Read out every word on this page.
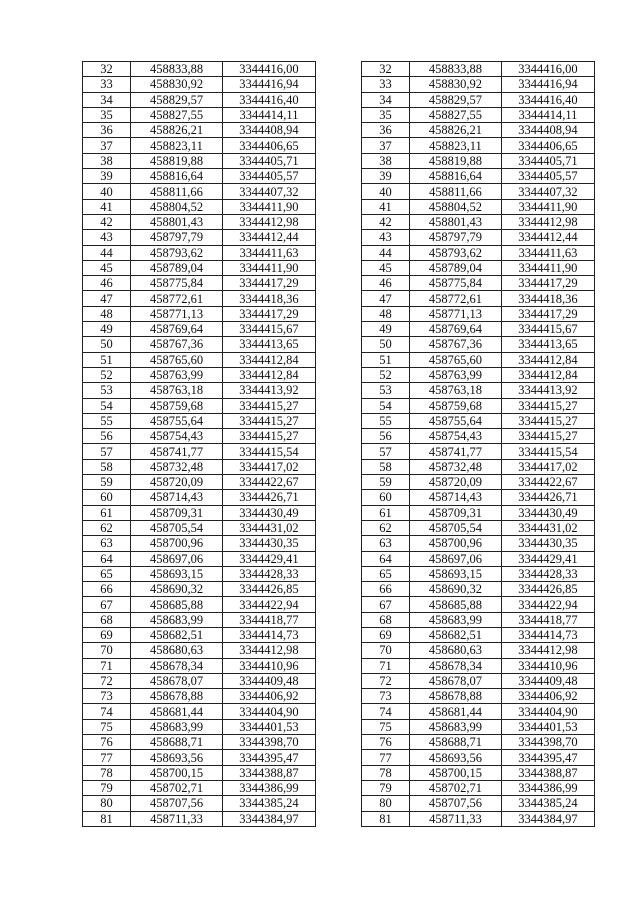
32	458833,88	3344416,00		32	458833,88	3344416,00
33	458830,92	3344416,94		33	458830,92	3344416,94
34	458829,57	3344416,40		34	458829,57	3344416,40
35	458827,55	3344414,11		35	458827,55	3344414,11
36	458826,21	3344408,94		36	458826,21	3344408,94
37	458823,11	3344406,65		37	458823,11	3344406,65
38	458819,88	3344405,71		38	458819,88	3344405,71
39	458816,64	3344405,57		39	458816,64	3344405,57
40	458811,66	3344407,32		40	458811,66	3344407,32
41	458804,52	3344411,90		41	458804,52	3344411,90
42	458801,43	3344412,98		42	458801,43	3344412,98
43	458797,79	3344412,44		43	458797,79	3344412,44
44	458793,62	3344411,63		44	458793,62	3344411,63
45	458789,04	3344411,90		45	458789,04	3344411,90
46	458775,84	3344417,29		46	458775,84	3344417,29
47	458772,61	3344418,36		47	458772,61	3344418,36
48	458771,13	3344417,29		48	458771,13	3344417,29
49	458769,64	3344415,67		49	458769,64	3344415,67
50	458767,36	3344413,65		50	458767,36	3344413,65
51	458765,60	3344412,84		51	458765,60	3344412,84
52	458763,99	3344412,84		52	458763,99	3344412,84
53	458763,18	3344413,92		53	458763,18	3344413,92
54	458759,68	3344415,27		54	458759,68	3344415,27
55	458755,64	3344415,27		55	458755,64	3344415,27
56	458754,43	3344415,27		56	458754,43	3344415,27
57	458741,77	3344415,54		57	458741,77	3344415,54
58	458732,48	3344417,02		58	458732,48	3344417,02
59	458720,09	3344422,67		59	458720,09	3344422,67
60	458714,43	3344426,71		60	458714,43	3344426,71
61	458709,31	3344430,49		61	458709,31	3344430,49
62	458705,54	3344431,02		62	458705,54	3344431,02
63	458700,96	3344430,35		63	458700,96	3344430,35
64	458697,06	3344429,41		64	458697,06	3344429,41
65	458693,15	3344428,33		65	458693,15	3344428,33
66	458690,32	3344426,85		66	458690,32	3344426,85
67	458685,88	3344422,94		67	458685,88	3344422,94
68	458683,99	3344418,77		68	458683,99	3344418,77
69	458682,51	3344414,73		69	458682,51	3344414,73
70	458680,63	3344412,98		70	458680,63	3344412,98
71	458678,34	3344410,96		71	458678,34	3344410,96
72	458678,07	3344409,48		72	458678,07	3344409,48
73	458678,88	3344406,92		73	458678,88	3344406,92
74	458681,44	3344404,90		74	458681,44	3344404,90
75	458683,99	3344401,53		75	458683,99	3344401,53
76	458688,71	3344398,70		76	458688,71	3344398,70
77	458693,56	3344395,47		77	458693,56	3344395,47
78	458700,15	3344388,87		78	458700,15	3344388,87
79	458702,71	3344386,99		79	458702,71	3344386,99
80	458707,56	3344385,24		80	458707,56	3344385,24
81	458711,33	3344384,97		81	458711,33	3344384,97
